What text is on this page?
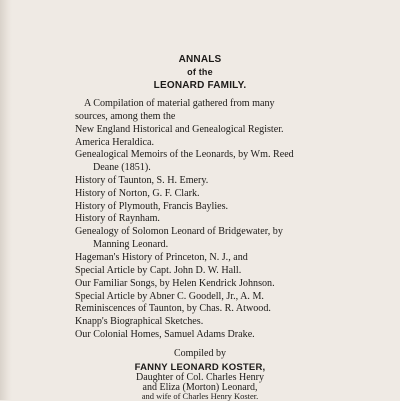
ANNALS
of the
LEONARD FAMILY.
A Compilation of material gathered from many
sources, among them the
New England Historical and Genealogical Register.
America Heraldica.
Genealogical Memoirs of the Leonards, by Wm. Reed
Deane (1851).
History of Taunton, S. H. Emery.
History of Norton, G. F. Clark.
History of Plymouth, Francis Baylies.
History of Raynham.
Genealogy of Solomon Leonard of Bridgewater, by
Manning Leonard.
Hageman's History of Princeton, N. J., and
Special Article by Capt. John D. W. Hall.
Our Familiar Songs, by Helen Kendrick Johnson.
Special Article by Abner C. Goodell, Jr., A. M.
Reminiscences of Taunton, by Chas. R. Atwood.
Knapp's Biographical Sketches.
Our Colonial Homes, Samuel Adams Drake.
Compiled by
FANNY LEONARD KOSTER,
Daughter of Col. Charles Henry
and Eliza (Morton) Leonard,
and wife of Charles Henry Koster.
